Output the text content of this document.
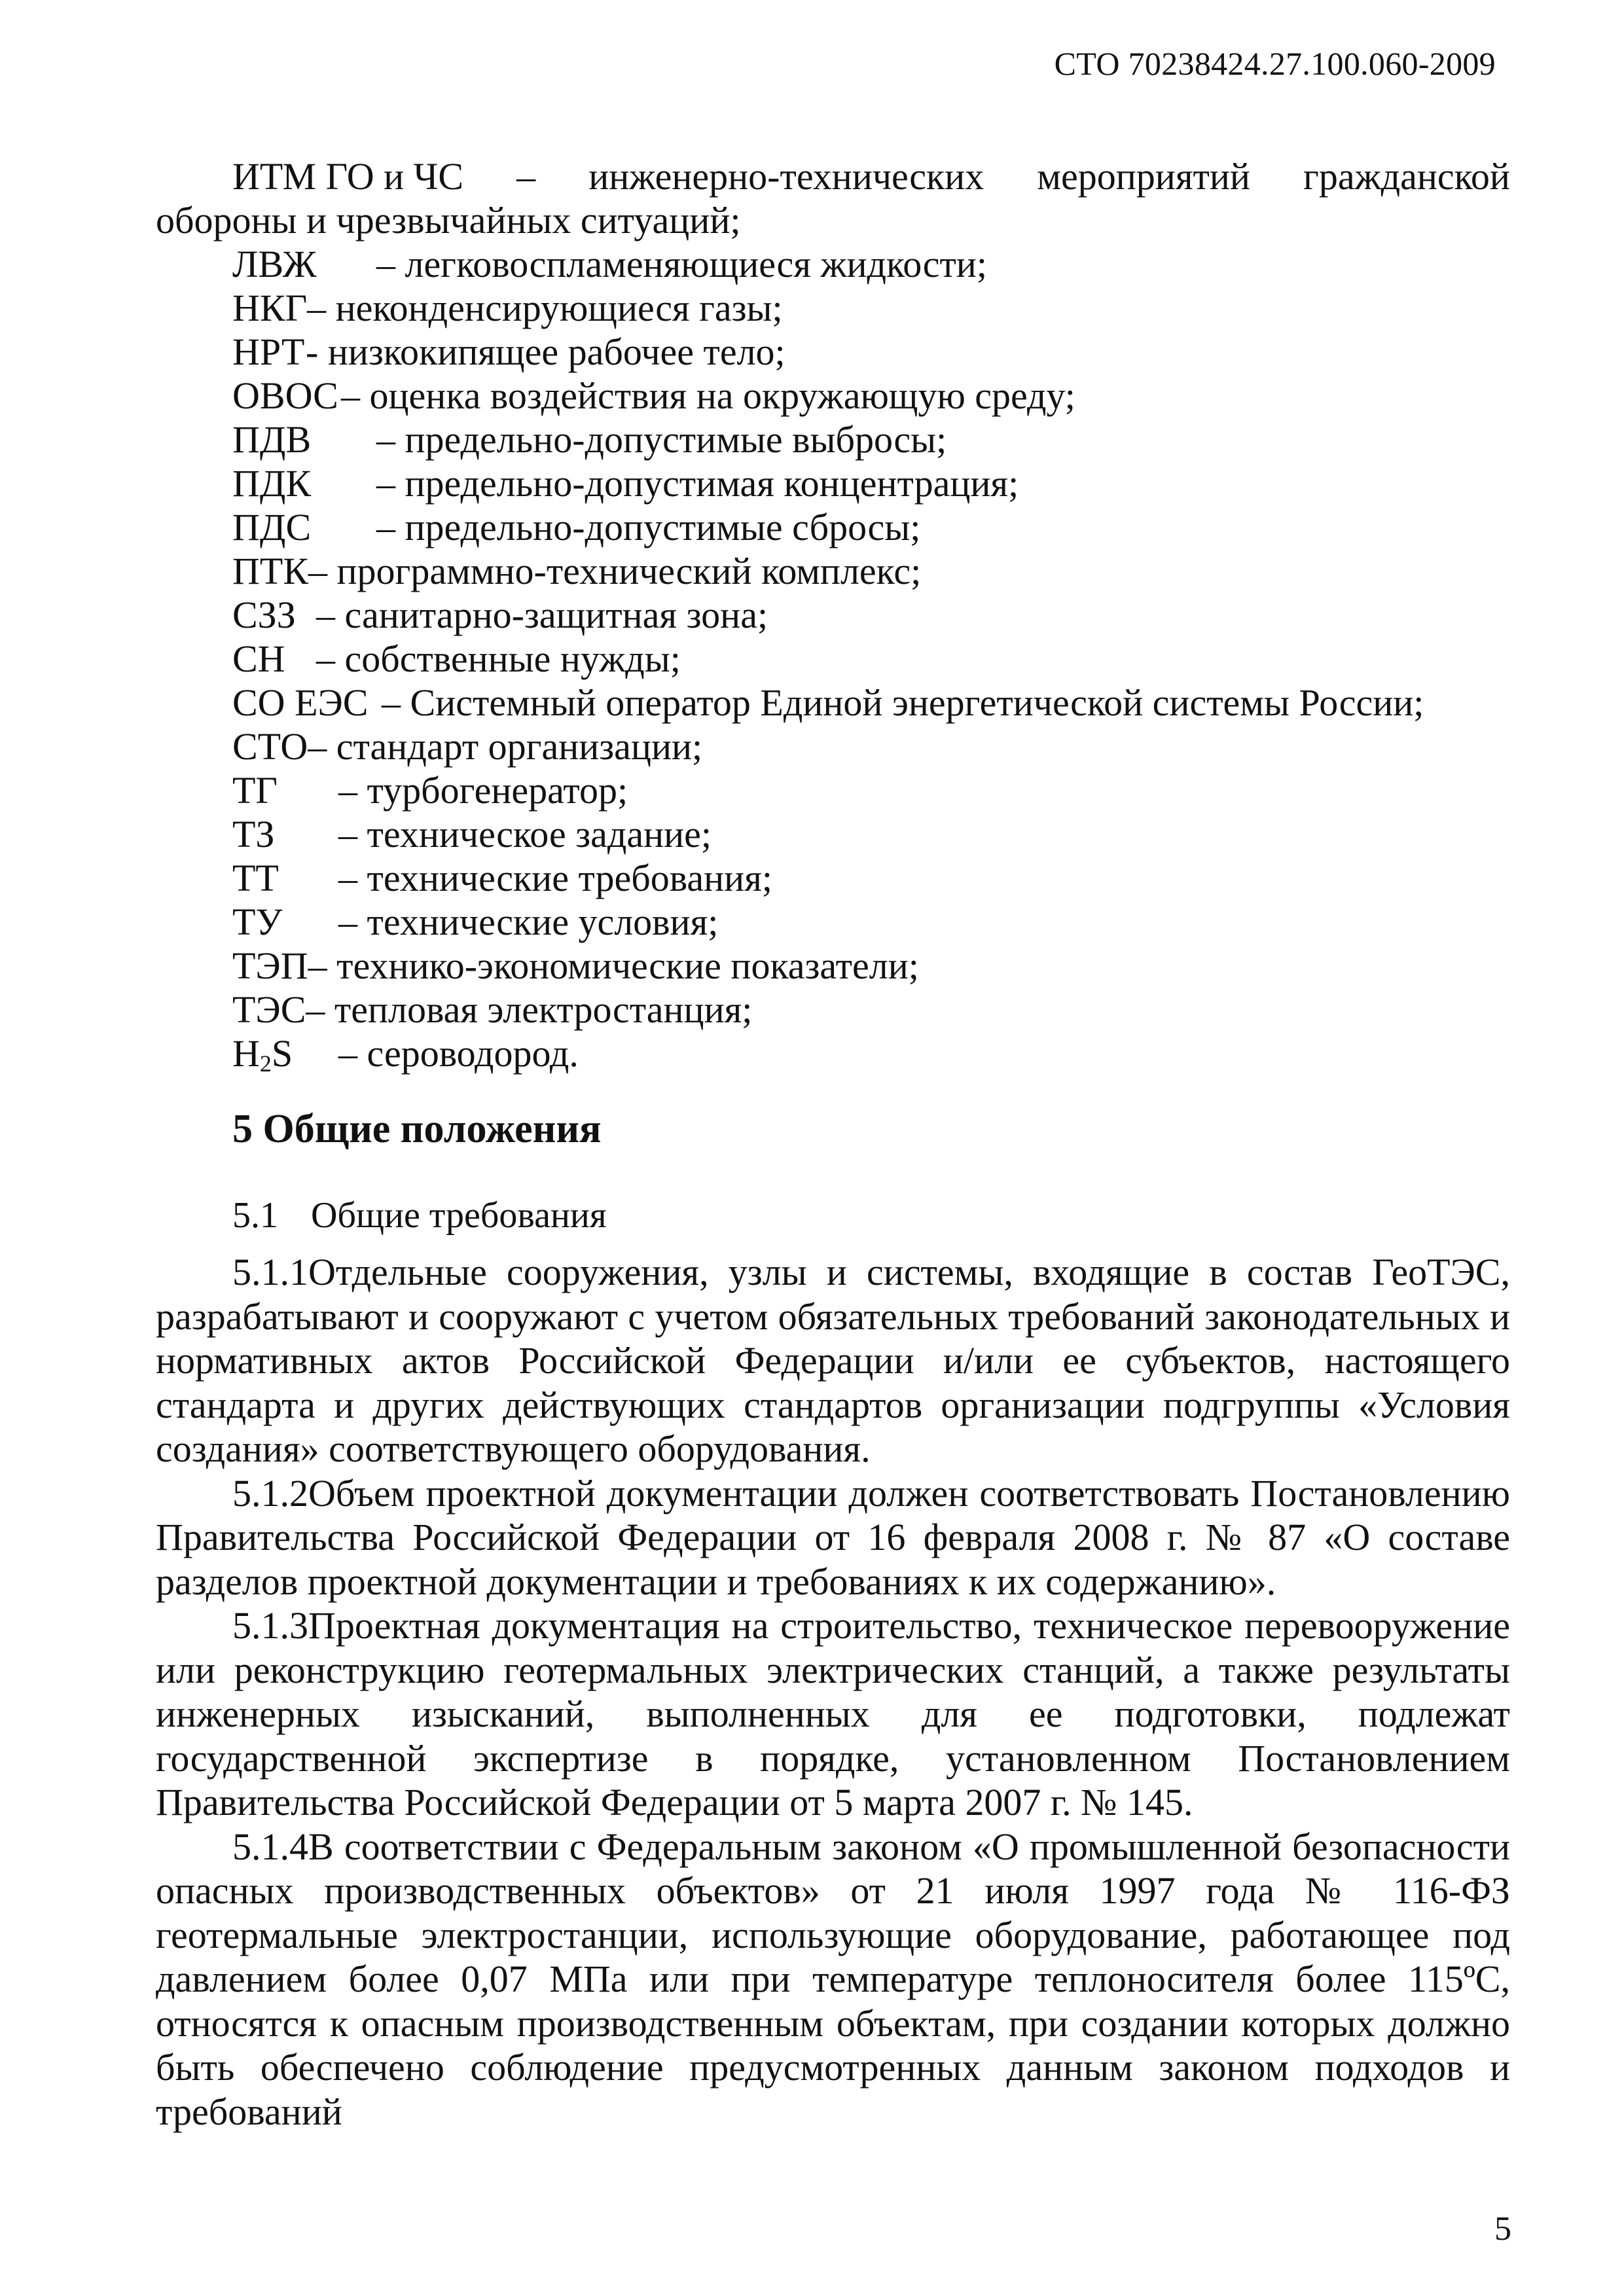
СТО 70238424.27.100.060-2009
ИТМ ГО и ЧС – инженерно-технических мероприятий гражданской
обороны и чрезвычайных ситуаций;
ЛВЖ – легковоспламеняющиеся жидкости;
НКГ– неконденсирующиеся газы;
НРТ- низкокипящее рабочее тело;
ОВОС– оценка воздействия на окружающую среду;
ПДВ – предельно-допустимые выбросы;
ПДК – предельно-допустимая концентрация;
ПДС – предельно-допустимые сбросы;
ПТК– программно-технический комплекс;
СЗЗ – санитарно-защитная зона;
СН – собственные нужды;
СО ЕЭС – Системный оператор Единой энергетической системы России;
СТО– стандарт организации;
ТГ – турбогенератор;
ТЗ – техническое задание;
ТТ – технические требования;
ТУ – технические условия;
ТЭП– технико-экономические показатели;
ТЭС– тепловая электростанция;
$H_2S$ – сероводород.
5 Общие положения
5.1 Общие требования

5.1.1Отдельные сооружения, узлы и системы, входящие в состав ГеоТЭС, разрабатывают и сооружают с учетом обязательных требований законодательных и нормативных актов Российской Федерации и/или ее субъектов, настоящего стандарта и других действующих стандартов организации подгруппы «Условия создания» соответствующего оборудования.

5.1.2Объем проектной документации должен соответствовать Постановлению Правительства Российской Федерации от 16 февраля 2008 г. № 87 «О составе разделов проектной документации и требованиях к их содержанию».

5.1.3Проектная документация на строительство, техническое перевооружение или реконструкцию геотермальных электрических станций, а также результаты инженерных изысканий, выполненных для ее подготовки, подлежат государственной экспертизе в порядке, установленном Постановлением Правительства Российской Федерации от 5 марта 2007 г. № 145.

5.1.4В соответствии с Федеральным законом «О промышленной безопасности опасных производственных объектов» от 21 июля 1997 года № 116-ФЗ геотермальные электростанции, использующие оборудование, работающее под давлением более 0,07 МПа или при температуре теплоносителя более 115ºС, относятся к опасным производственным объектам, при создании которых должно быть обеспечено соблюдение предусмотренных данным законом подходов и требований

5
